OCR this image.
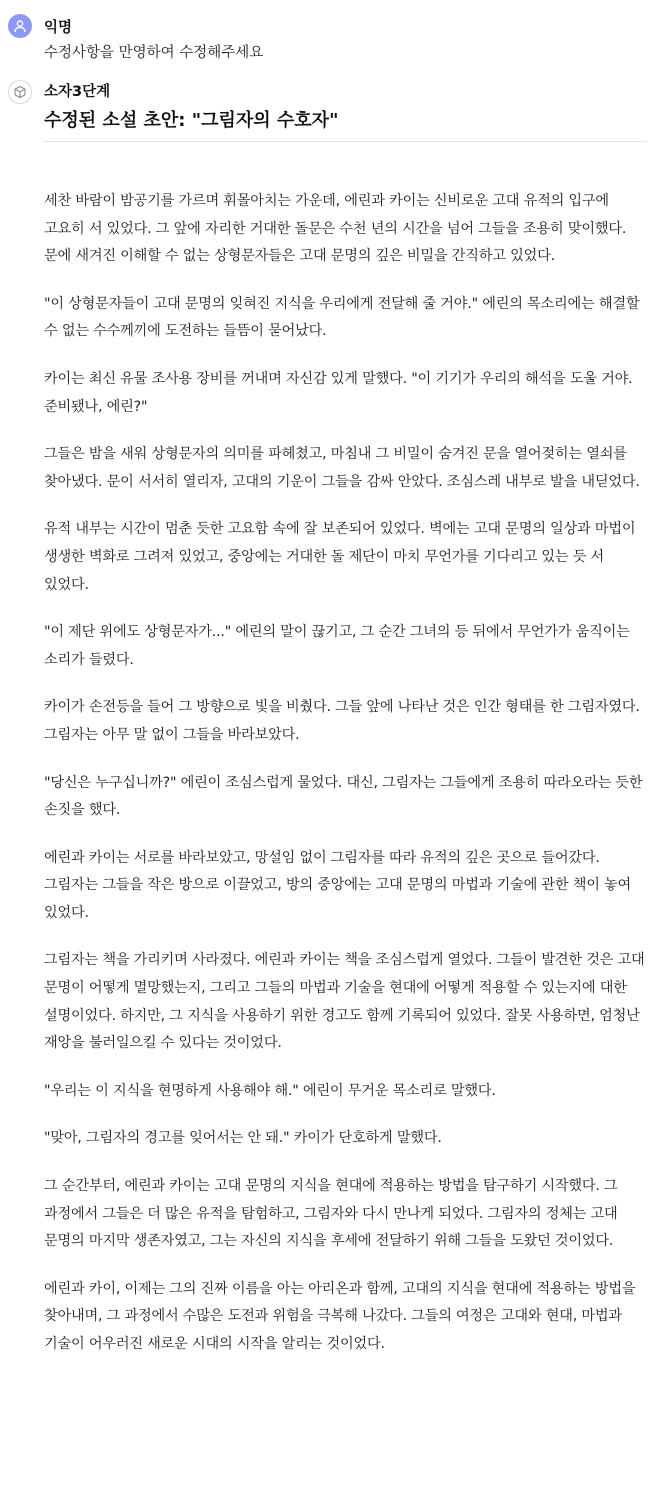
익명
수정사항을 만영하여 수정해주세요
소자3단계
수정된 소설 초안: "그림자의 수호자"

세찬 바람이 밤공기를 가르며 휘몰아치는 가운데, 에린과 카이는 신비로운 고대 유적의 입구에 고요히 서 있었다. 그 앞에 자리한 거대한 돌문은 수천 년의 시간을 넘어 그들을 조용히 맞이했다. 문에 새겨진 이해할 수 없는 상형문자들은 고대 문명의 깊은 비밀을 간직하고 있었다.

"이 상형문자들이 고대 문명의 잊혀진 지식을 우리에게 전달해 줄 거야." 에린의 목소리에는 해결할 수 없는 수수께끼에 도전하는 들뜸이 묻어났다.

카이는 최신 유물 조사용 장비를 꺼내며 자신감 있게 말했다. "이 기기가 우리의 해석을 도울 거야. 준비됐나, 에린?"

그들은 밤을 새워 상형문자의 의미를 파헤쳤고, 마침내 그 비밀이 숨겨진 문을 열어젖히는 열쇠를 찾아냈다. 문이 서서히 열리자, 고대의 기운이 그들을 감싸 안았다. 조심스레 내부로 발을 내딛었다.

유적 내부는 시간이 멈춘 듯한 고요함 속에 잘 보존되어 있었다. 벽에는 고대 문명의 일상과 마법이 생생한 벽화로 그려져 있었고, 중앙에는 거대한 돌 제단이 마치 무언가를 기다리고 있는 듯 서 있었다.

"이 제단 위에도 상형문자가..." 에린의 말이 끊기고, 그 순간 그녀의 등 뒤에서 무언가가 움직이는 소리가 들렸다.

카이가 손전등을 들어 그 방향으로 빛을 비췄다. 그들 앞에 나타난 것은 인간 형태를 한 그림자였다. 그림자는 아무 말 없이 그들을 바라보았다.

"당신은 누구십니까?" 에린이 조심스럽게 물었다. 대신, 그림자는 그들에게 조용히 따라오라는 듯한 손짓을 했다.

에린과 카이는 서로를 바라보았고, 망설임 없이 그림자를 따라 유적의 깊은 곳으로 들어갔다. 그림자는 그들을 작은 방으로 이끌었고, 방의 중앙에는 고대 문명의 마법과 기술에 관한 책이 놓여 있었다.

그림자는 책을 가리키며 사라졌다. 에린과 카이는 책을 조심스럽게 열었다. 그들이 발견한 것은 고대 문명이 어떻게 멸망했는지, 그리고 그들의 마법과 기술을 현대에 어떻게 적용할 수 있는지에 대한 설명이었다. 하지만, 그 지식을 사용하기 위한 경고도 함께 기록되어 있었다. 잘못 사용하면, 엄청난 재앙을 불러일으킬 수 있다는 것이었다.

"우리는 이 지식을 현명하게 사용해야 해." 에린이 무거운 목소리로 말했다.

"맞아, 그림자의 경고를 잊어서는 안 돼." 카이가 단호하게 말했다.

그 순간부터, 에린과 카이는 고대 문명의 지식을 현대에 적용하는 방법을 탐구하기 시작했다. 그 과정에서 그들은 더 많은 유적을 탐험하고, 그림자와 다시 만나게 되었다. 그림자의 정체는 고대 문명의 마지막 생존자였고, 그는 자신의 지식을 후세에 전달하기 위해 그들을 도왔던 것이었다.

에린과 카이, 이제는 그의 진짜 이름을 아는 아리온과 함께, 고대의 지식을 현대에 적용하는 방법을 찾아내며, 그 과정에서 수많은 도전과 위험을 극복해 나갔다. 그들의 여정은 고대와 현대, 마법과 기술이 어우러진 새로운 시대의 시작을 알리는 것이었다.
